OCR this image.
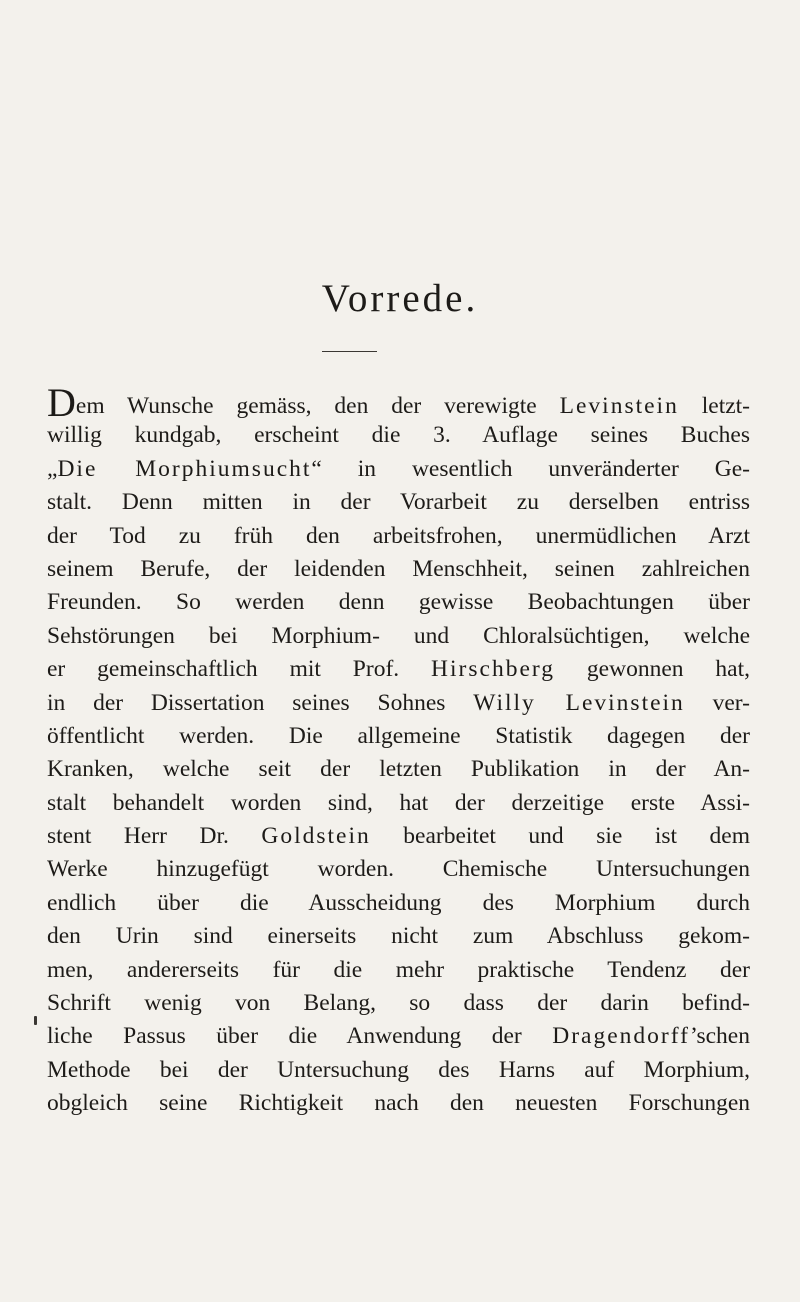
Vorrede.
Dem Wunsche gemäss, den der verewigte Levinstein letzt-
willig kundgab, erscheint die 3. Auflage seines Buches
„Die Morphiumsucht“ in wesentlich unveränderter Ge-
stalt. Denn mitten in der Vorarbeit zu derselben entriss
der Tod zu früh den arbeitsfrohen, unermüdlichen Arzt
seinem Berufe, der leidenden Menschheit, seinen zahlreichen
Freunden. So werden denn gewisse Beobachtungen über
Sehstörungen bei Morphium- und Chloralsüchtigen, welche
er gemeinschaftlich mit Prof. Hirschberg gewonnen hat,
in der Dissertation seines Sohnes Willy Levinstein ver-
öffentlicht werden. Die allgemeine Statistik dagegen der
Kranken, welche seit der letzten Publikation in der An-
stalt behandelt worden sind, hat der derzeitige erste Assi-
stent Herr Dr. Goldstein bearbeitet und sie ist dem
Werke hinzugefügt worden. Chemische Untersuchungen
endlich über die Ausscheidung des Morphium durch
den Urin sind einerseits nicht zum Abschluss gekom-
men, andererseits für die mehr praktische Tendenz der
Schrift wenig von Belang, so dass der darin befind-
liche Passus über die Anwendung der Dragendorff’schen
Methode bei der Untersuchung des Harns auf Morphium,
obgleich seine Richtigkeit nach den neuesten Forschungen
